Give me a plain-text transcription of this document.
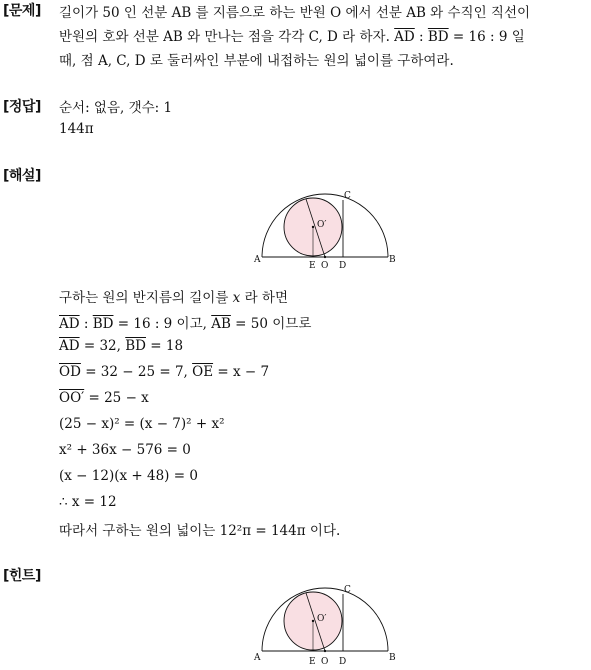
[문제] 길이가 50 인 선분 AB 를 지름으로 하는 반원 O 에서 선분 AB 와 수직인 직선이
반원의 호와 선분 AB 와 만나는 점을 각각 C, D 라 하자. $\overline{AD}$ : $\overline{BD} = 16$ : 9 일
때, 점 A, C, D 로 둘러싸인 부분에 내접하는 원의 넓이를 구하여라.
[정답] 순서: 없음, 갯수: 1
144π
[해설]
A	B
C
D
E O
O′
구하는 원의 반지름의 길이를 x 라 하면
$\overline{AD}$ : $\overline{BD} = 16$ : 9 이고, $\overline{AB} = 50$ 이므로
$\overline{AD} = 32$, $\overline{BD} = 18$
$\overline{OD} = 32 - 25 = 7$, $\overline{OE} = x - 7$
OO′ = 25 − x
(25 − x)² = (x − 7)² + x²
x² + 36x − 576 = 0
(x − 12)(x + 48) = 0
∴ x = 12
따라서 구하는 원의 넓이는 12²π = 144π 이다.
[힌트]
A	B
C
D
E O
O′
